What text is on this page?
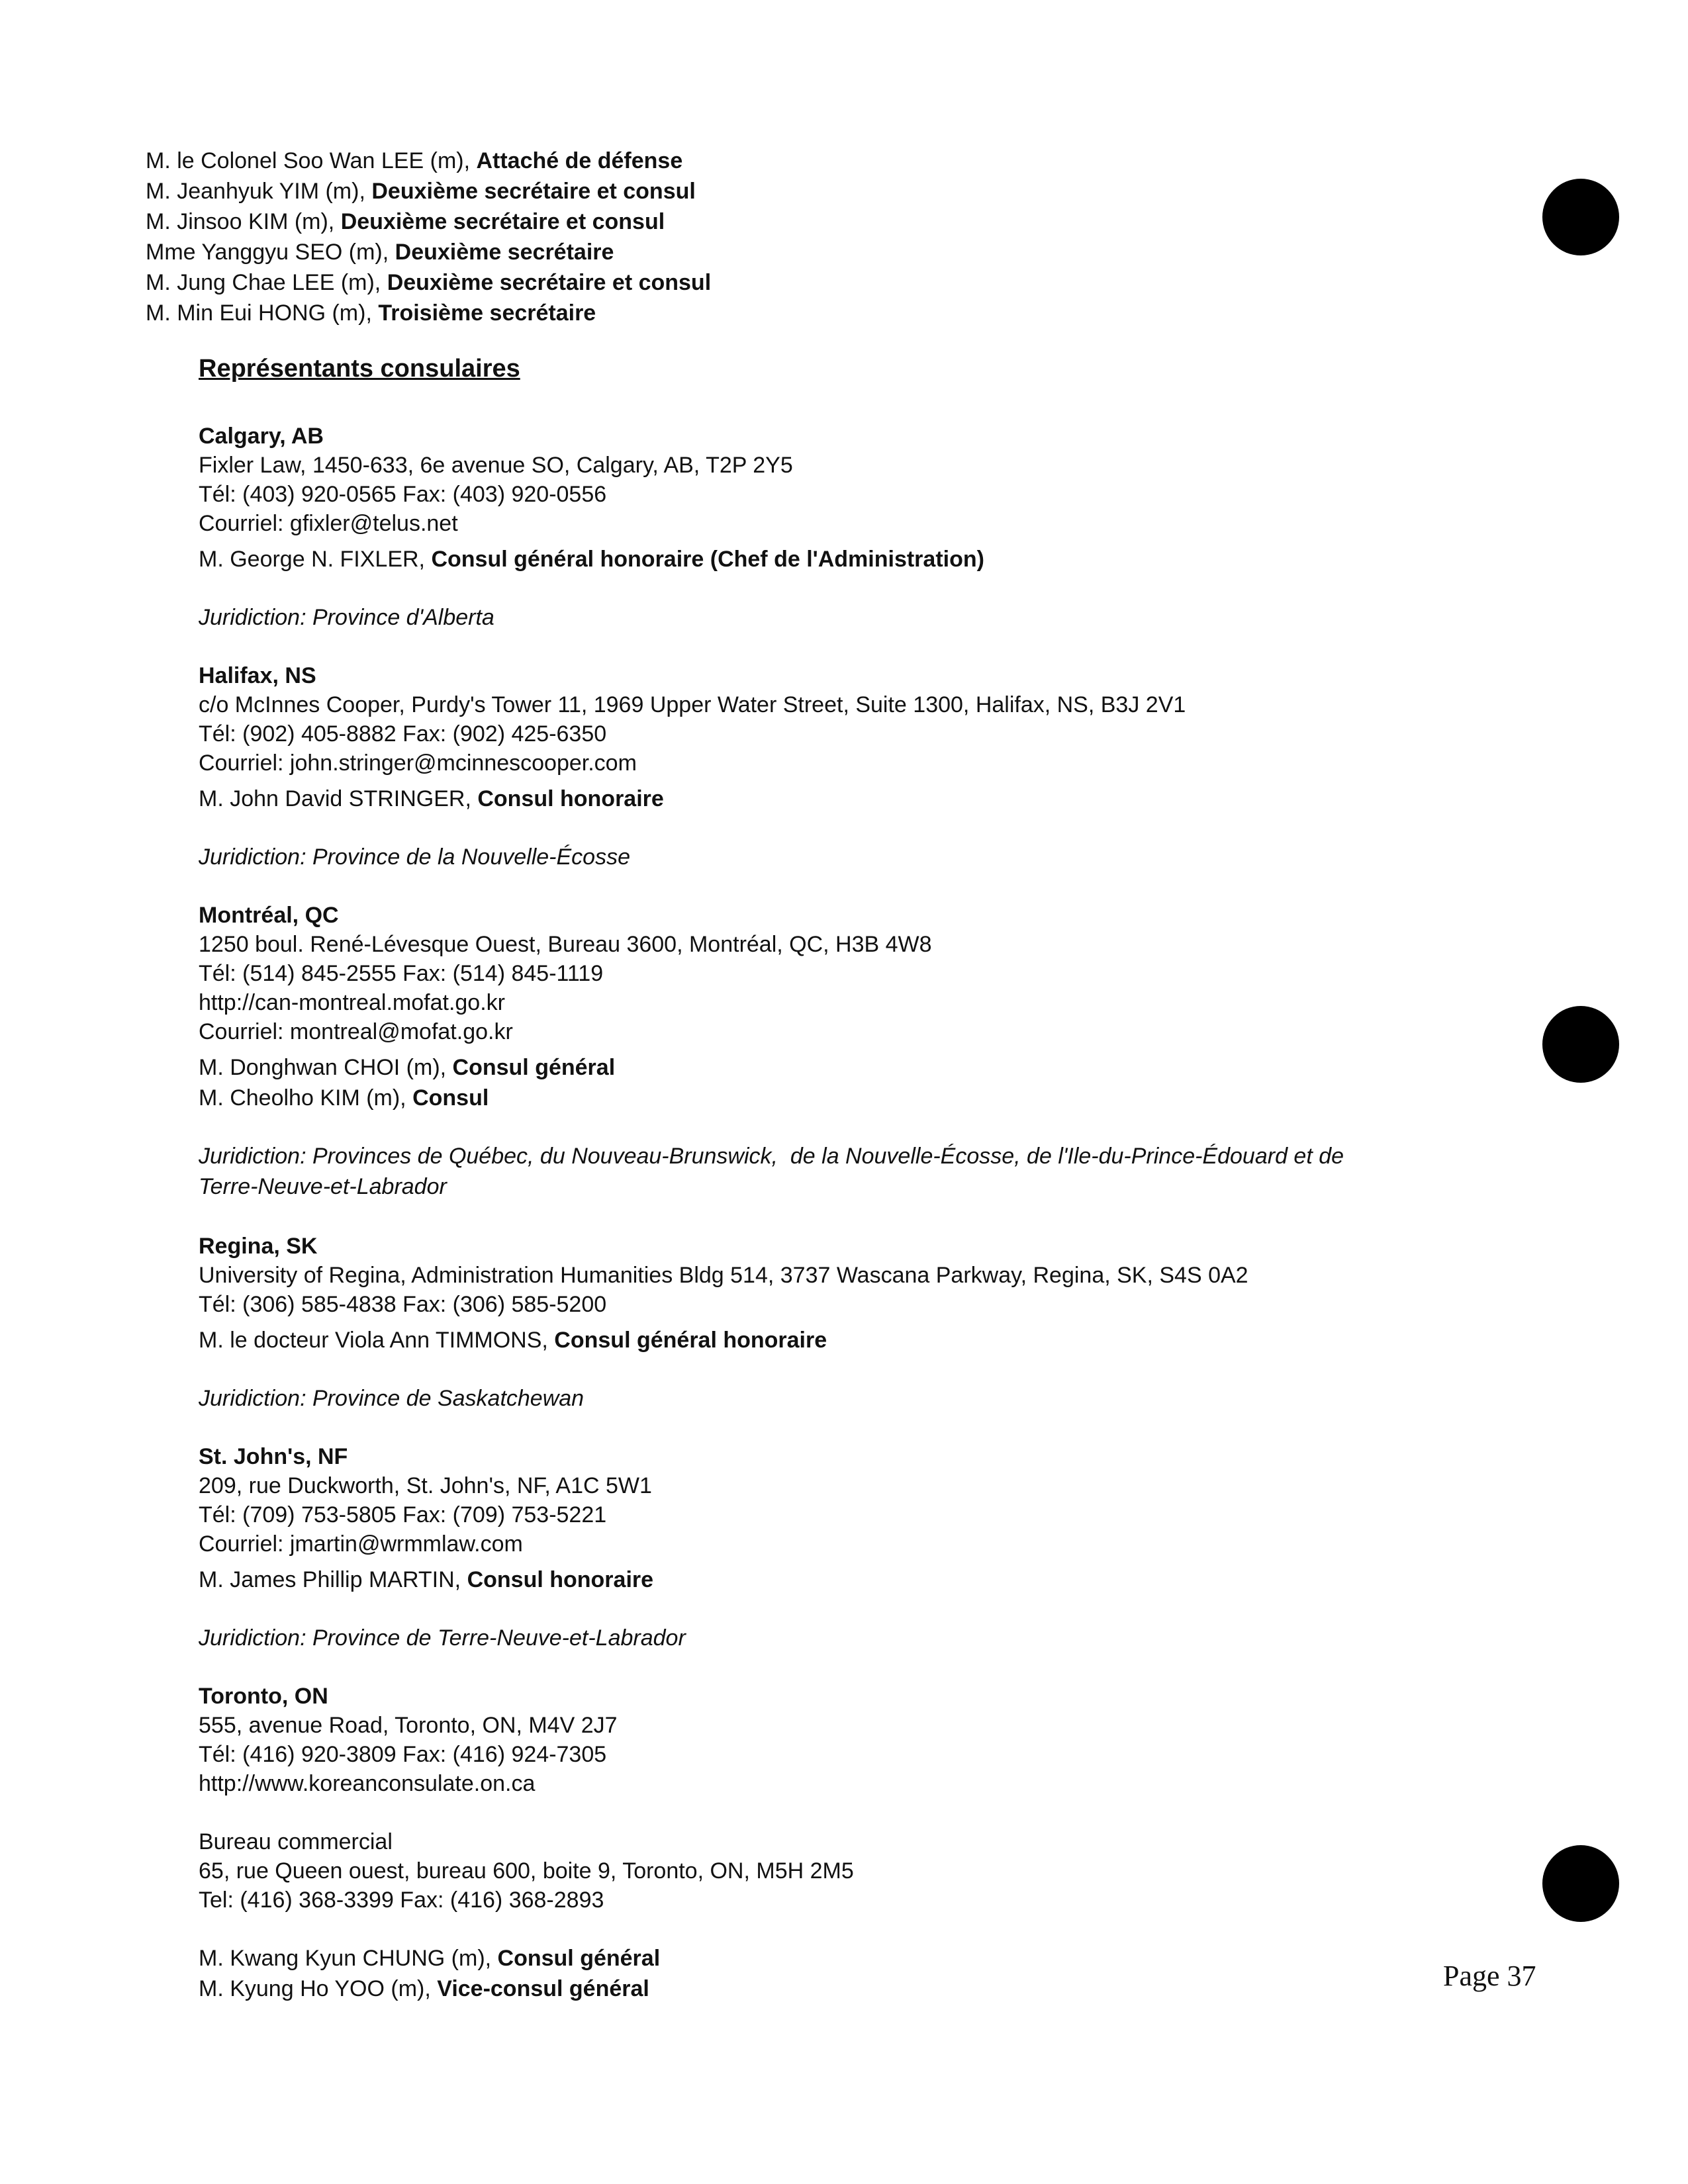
M. le Colonel Soo Wan LEE (m), Attaché de défense
M. Jeanhyuk YIM (m), Deuxième secrétaire et consul
M. Jinsoo KIM (m), Deuxième secrétaire et consul
Mme Yanggyu SEO (m), Deuxième secrétaire
M. Jung Chae LEE (m), Deuxième secrétaire et consul
M. Min Eui HONG (m), Troisième secrétaire
Représentants consulaires
Calgary, AB
Fixler Law, 1450-633, 6e avenue SO, Calgary, AB, T2P 2Y5
Tél: (403) 920-0565 Fax: (403) 920-0556
Courriel: gfixler@telus.net
M. George N. FIXLER, Consul général honoraire (Chef de l'Administration)
Juridiction: Province d'Alberta
Halifax, NS
c/o McInnes Cooper, Purdy's Tower 11, 1969 Upper Water Street, Suite 1300, Halifax, NS, B3J 2V1
Tél: (902) 405-8882 Fax: (902) 425-6350
Courriel: john.stringer@mcinnescooper.com
M. John David STRINGER, Consul honoraire
Juridiction: Province de la Nouvelle-Écosse
Montréal, QC
1250 boul. René-Lévesque Ouest, Bureau 3600, Montréal, QC, H3B 4W8
Tél: (514) 845-2555 Fax: (514) 845-1119
http://can-montreal.mofat.go.kr
Courriel: montreal@mofat.go.kr
M. Donghwan CHOI (m), Consul général
M. Cheolho KIM (m), Consul
Juridiction: Provinces de Québec, du Nouveau-Brunswick,  de la Nouvelle-Écosse, de l'Ile-du-Prince-Édouard et de
Terre-Neuve-et-Labrador
Regina, SK
University of Regina, Administration Humanities Bldg 514, 3737 Wascana Parkway, Regina, SK, S4S 0A2
Tél: (306) 585-4838 Fax: (306) 585-5200
M. le docteur Viola Ann TIMMONS, Consul général honoraire
Juridiction: Province de Saskatchewan
St. John's, NF
209, rue Duckworth, St. John's, NF, A1C 5W1
Tél: (709) 753-5805 Fax: (709) 753-5221
Courriel: jmartin@wrmmlaw.com
M. James Phillip MARTIN, Consul honoraire
Juridiction: Province de Terre-Neuve-et-Labrador
Toronto, ON
555, avenue Road, Toronto, ON, M4V 2J7
Tél: (416) 920-3809 Fax: (416) 924-7305
http://www.koreanconsulate.on.ca
Bureau commercial
65, rue Queen ouest, bureau 600, boite 9, Toronto, ON, M5H 2M5
Tel: (416) 368-3399 Fax: (416) 368-2893
M. Kwang Kyun CHUNG (m), Consul général
M. Kyung Ho YOO (m), Vice-consul général	Page 37
